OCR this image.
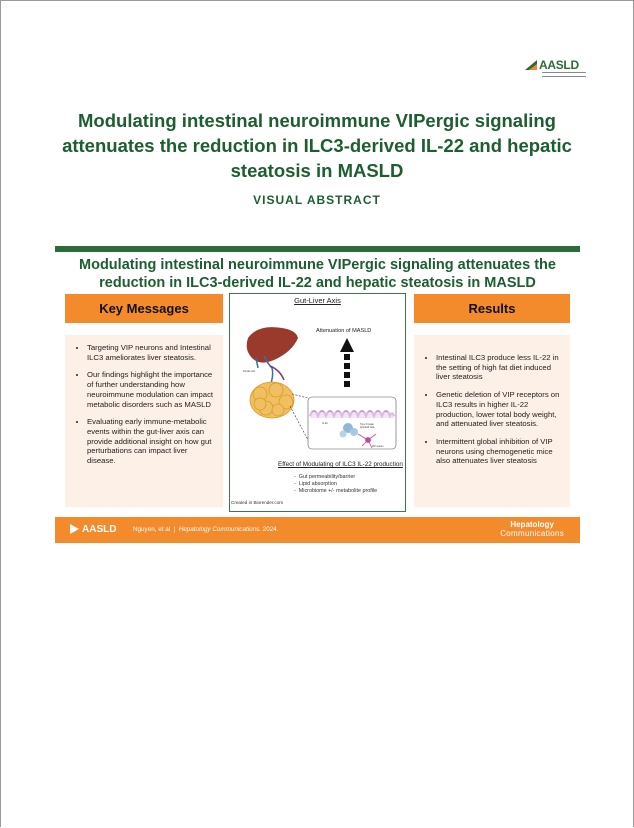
AASLD
Modulating intestinal neuroimmune VIPergic signaling attenuates the reduction in ILC3-derived IL-22 and hepatic steatosis in MASLD
VISUAL ABSTRACT
Modulating intestinal neuroimmune VIPergic signaling attenuates the reduction in ILC3-derived IL-22 and hepatic steatosis in MASLD
Key Messages
• Targeting VIP neurons and Intestinal ILC3 ameliorates liver steatosis.
• Our findings highlight the importance of further understanding how neuroimmune modulation can impact metabolic disorders such as MASLD
• Evaluating early immune-metabolic events within the gut-liver axis can provide additional insight on how gut perturbations can impact liver disease.
Gut-Liver Axis
Portal vein
IL-22	Type 3 innate
lymphoid cells
VIP neuron
Attenuation of MASLD
Effect of Modulating of ILC3 IL-22 production
-  Gut permeability/barrier
-  Lipid absorption
-  Microbiome +/- metabolite profile
Created in Biorender.com
Results
• Intestinal ILC3 produce less IL-22 in the setting of high fat diet induced liver steatosis
• Genetic deletion of VIP receptors on ILC3 results in higher IL-22 production, lower total body weight, and attenuated liver steatosis.
• Intermittent global inhibition of VIP neurons using chemogenetic mice also attenuates liver steatosis
AASLD	Nguyen, et al | Hepatology Communications. 2024.
Hepatology
Communications
